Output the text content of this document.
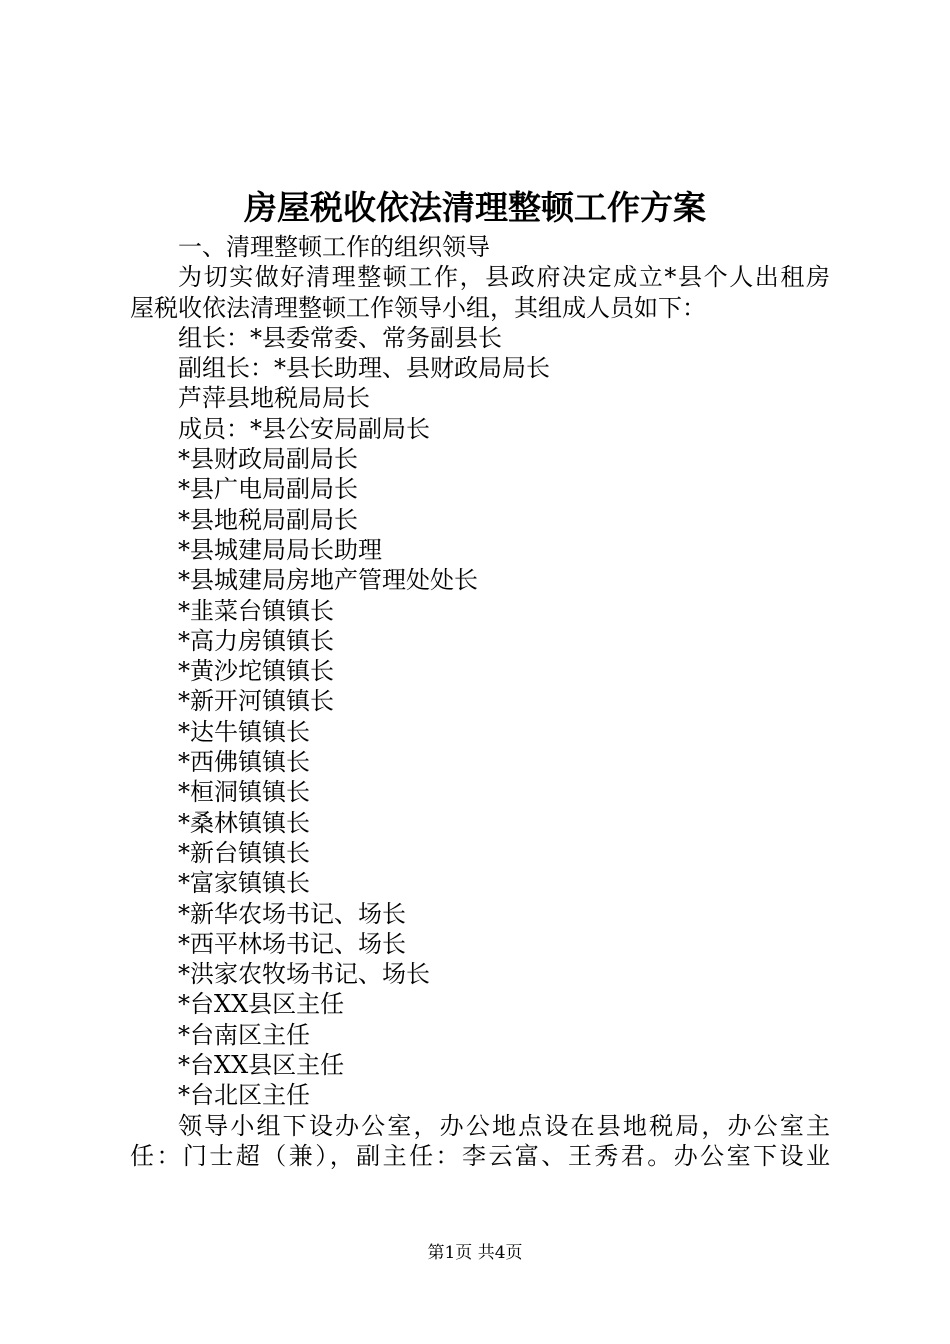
房屋税收依法清理整顿工作方案
一、清理整顿工作的组织领导
为切实做好清理整顿工作，县政府决定成立*县个人出租房
屋税收依法清理整顿工作领导小组，其组成人员如下：
组长：*县委常委、常务副县长
副组长：*县长助理、县财政局局长
芦萍县地税局局长
成员：*县公安局副局长
*县财政局副局长
*县广电局副局长
*县地税局副局长
*县城建局局长助理
*县城建局房地产管理处处长
*韭菜台镇镇长
*高力房镇镇长
*黄沙坨镇镇长
*新开河镇镇长
*达牛镇镇长
*西佛镇镇长
*桓洞镇镇长
*桑林镇镇长
*新台镇镇长
*富家镇镇长
*新华农场书记、场长
*西平林场书记、场长
*洪家农牧场书记、场长
*台XX县区主任
*台南区主任
*台XX县区主任
*台北区主任
领导小组下设办公室，办公地点设在县地税局，办公室主
任：门士超（兼），副主任：李云富、王秀君。办公室下设业
第1页 共4页
